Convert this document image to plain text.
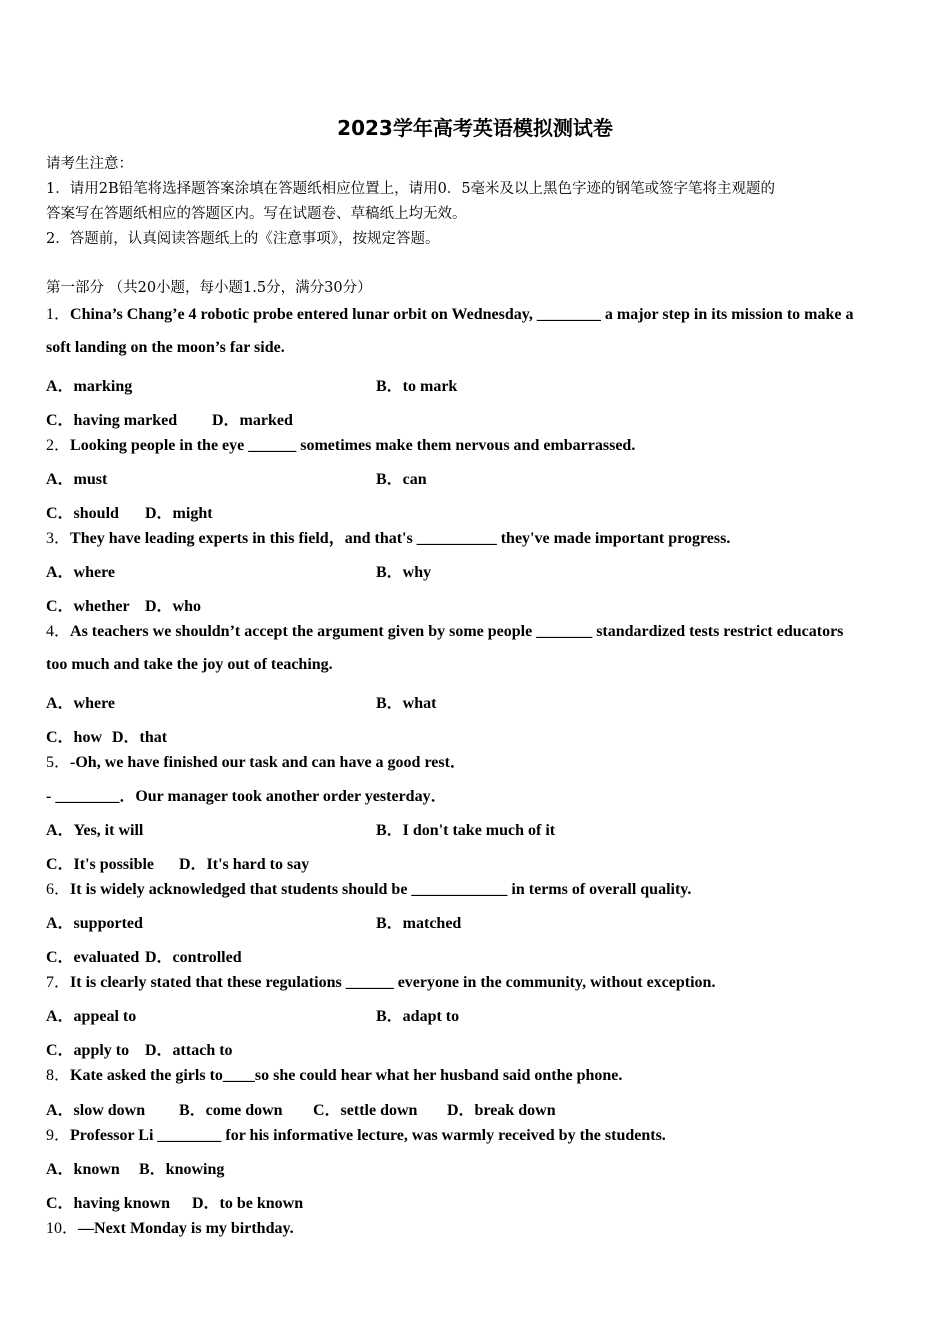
2023学年高考英语模拟测试卷
请考生注意：
1．请用2B铅笔将选择题答案涂填在答题纸相应位置上，请用0．5毫米及以上黑色字迹的钢笔或签字笔将主观题的
答案写在答题纸相应的答题区内。写在试题卷、草稿纸上均无效。
2．答题前，认真阅读答题纸上的《注意事项》，按规定答题。
第一部分 （共20小题，每小题1.5分，满分30分）
1．China’s Chang’e 4 robotic probe entered lunar orbit on Wednesday, ________ a major step in its mission to make a
soft landing on the moon’s far side.
A．marking	B．to mark
C．having marked D．marked
2．Looking people in the eye ______ sometimes make them nervous and embarrassed.
A．must	B．can
C．should D．might
3．They have leading experts in this field，and that's __________ they've made important progress.
A．where	B．why
C．whether D．who
4．As teachers we shouldn’t accept the argument given by some people _______ standardized tests restrict educators
too much and take the joy out of teaching.
A．where	B．what
C．how D．that
5．-Oh, we have finished our task and can have a good rest．
- ________．Our manager took another order yesterday．
A．Yes, it will	B．I don't take much of it
C．It's possible D．It's hard to say
6．It is widely acknowledged that students should be ____________ in terms of overall quality.
A．supported	B．matched
C．evaluated D．controlled
7．It is clearly stated that these regulations ______ everyone in the community, without exception.
A．appeal to	B．adapt to
C．apply to D．attach to
8．Kate asked the girls to____so she could hear what her husband said onthe phone.
A．slow down B．come down C．settle down D．break down
9．Professor Li ________ for his informative lecture, was warmly received by the students.
A．known B．knowing
C．having known D．to be known
10．—Next Monday is my birthday.
